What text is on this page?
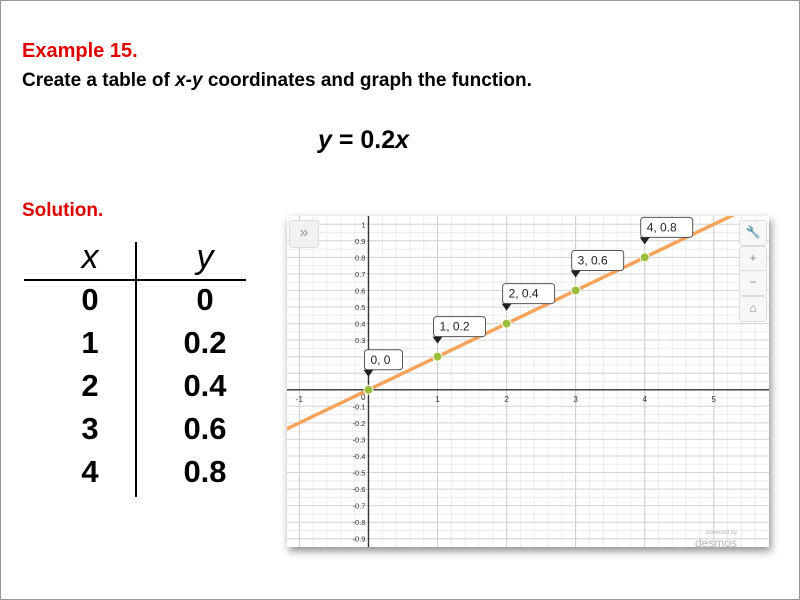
Example 15.
Create a table of x-y coordinates and graph the function.
y = 0.2x
Solution.
x	y
0	0
1	0.2
2	0.4
3	0.6
4	0.8
-1	1	2	3	4	5
1
0.9
0.8
0.7
0.6
0.5
0.4
0.3
-0.1
-0.2
-0.3
-0.4
-0.5
-0.6
-0.7
-0.8
-0.9
0
0, 0
1, 0.2
2, 0.4
3, 0.6
4, 0.8
»	🔧
+
−
⌂
powered by
desmos
